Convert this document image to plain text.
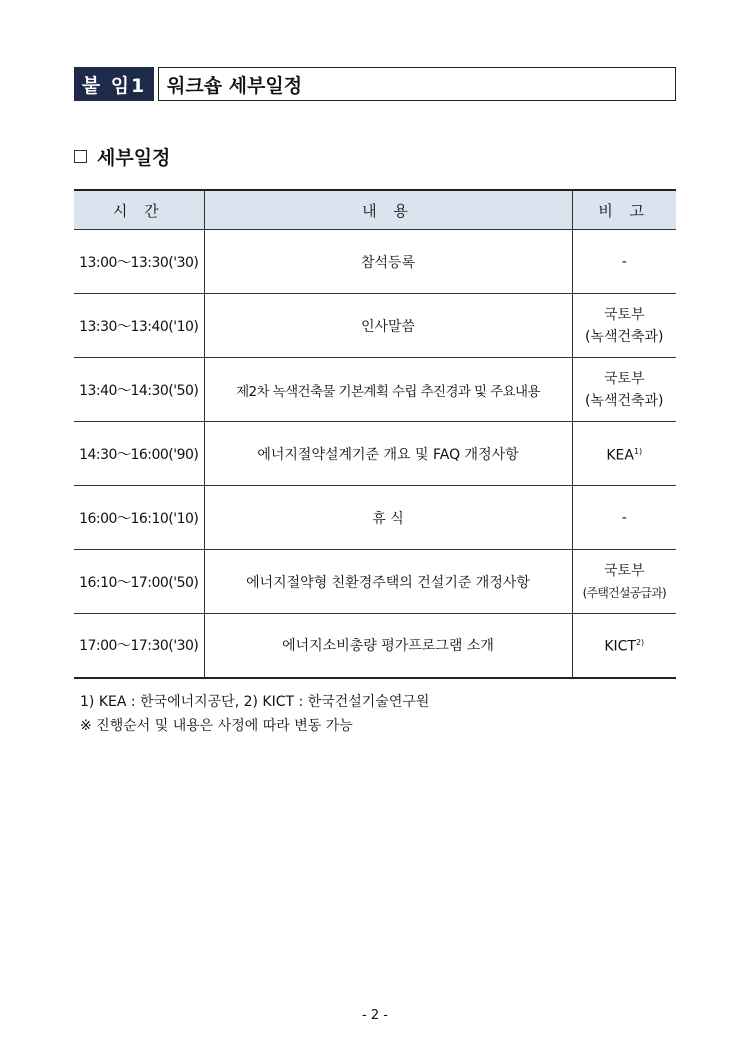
붙 임1	워크숍 세부일정
세부일정
시 간	내 용	비 고
13:00～13:30('30)	참석등록	-
13:30～13:40('10)	인사말씀	국토부
(녹색건축과)

13:40～14:30('50)	제2차 녹색건축물 기본계획 수립 추진경과 및 주요내용	국토부
(녹색건축과)

14:30～16:00('90)	에너지절약설계기준 개요 및 FAQ 개정사항	KEA$^{1)}$
16:00～16:10('10)	휴 식	-
16:10～17:00('50)	에너지절약형 친환경주택의 건설기준 개정사항	국토부
(주택건설공급과)

17:00～17:30('30)	에너지소비총량 평가프로그램 소개	KICT$^{2)}$
1) KEA : 한국에너지공단, 2) KICT : 한국건설기술연구원
※ 진행순서 및 내용은 사정에 따라 변동 가능
- 2 -
